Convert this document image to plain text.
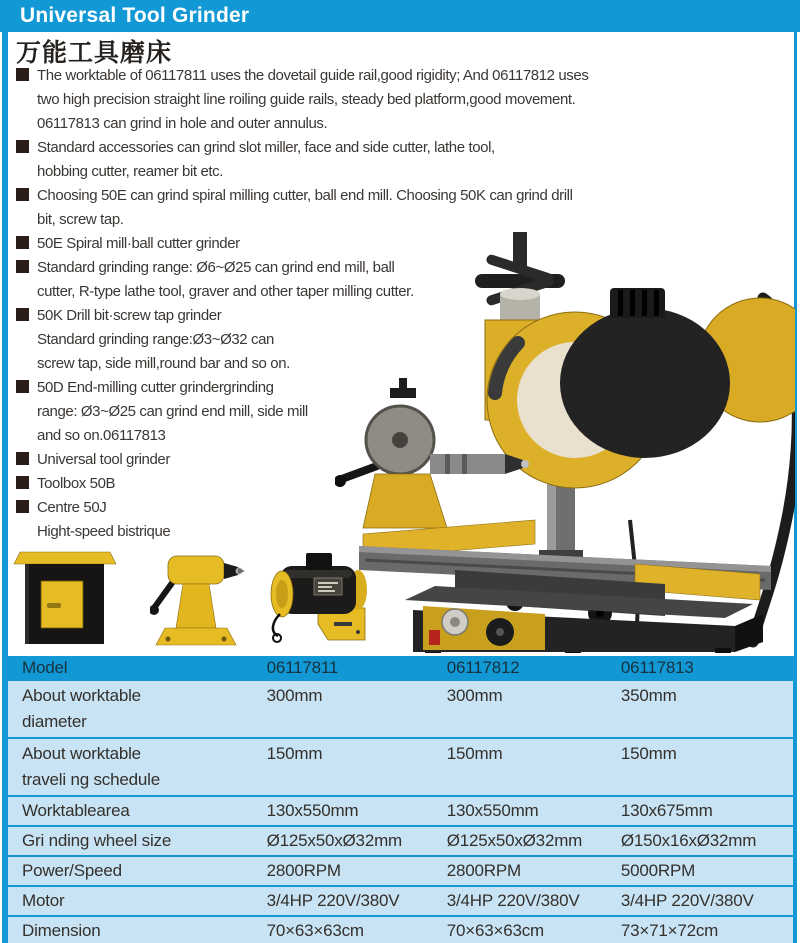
Universal Tool Grinder
万能工具磨床
The worktable of 06117811 uses the dovetail guide rail,good rigidity; And 06117812 uses
two high precision straight line roiling guide rails, steady bed platform,good movement.
06117813 can grind in hole and outer annulus.
Standard accessories can grind slot miller, face and side cutter, lathe tool,
hobbing cutter, reamer bit etc.
Choosing 50E can grind spiral milling cutter, ball end mill. Choosing 50K can grind drill
bit, screw tap.
50E Spiral mill·ball cutter grinder
Standard grinding range: Ø6~Ø25 can grind end mill, ball
cutter, R-type lathe tool, graver and other taper milling cutter.
50K Drill bit·screw tap grinder
Standard grinding range:Ø3~Ø32 can
screw tap, side mill,round bar and so on.
50D End-milling cutter grindergrinding
range: Ø3~Ø25 can grind end mill, side mill
and so on.06117813
Universal tool grinder
Toolbox 50B
Centre 50J
Hight-speed bistrique
Model	06117811	06117812	06117813

About worktable
diameter	300mm	300mm	350mm

About worktable
traveli ng schedule	150mm	150mm	150mm
Worktablearea	130x550mm	130x550mm	130x675mm
Gri nding wheel size	Ø125x50xØ32mm	Ø125x50xØ32mm	Ø150x16xØ32mm
Power/Speed	2800RPM	2800RPM	5000RPM
Motor	3/4HP 220V/380V	3/4HP 220V/380V	3/4HP 220V/380V
Dimension	70×63×63cm	70×63×63cm	73×71×72cm
